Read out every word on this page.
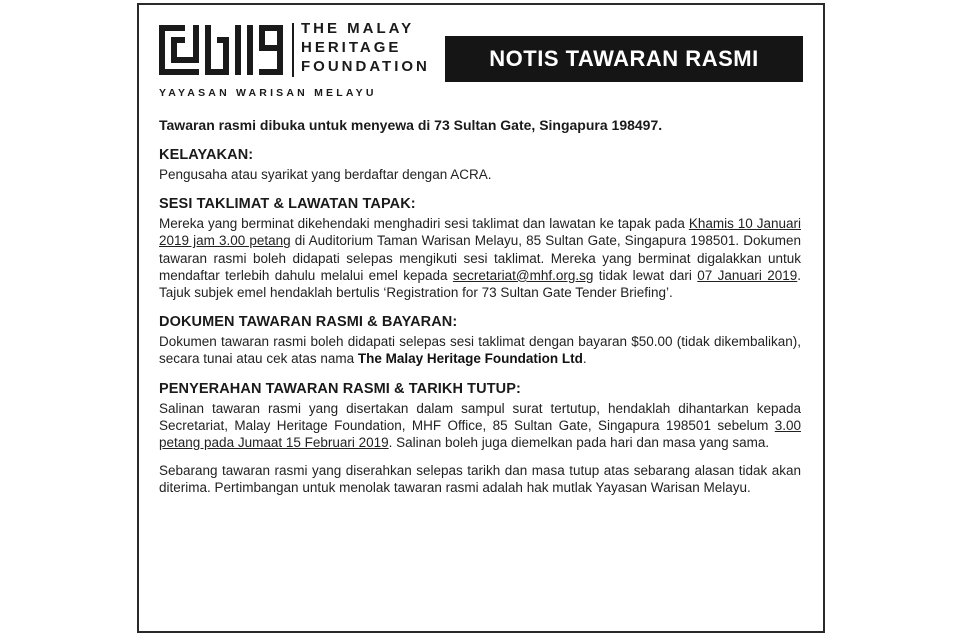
THE MALAY
HERITAGE
FOUNDATION
YAYASAN WARISAN MELAYU
NOTIS TAWARAN RASMI
Tawaran rasmi dibuka untuk menyewa di 73 Sultan Gate, Singapura 198497.
KELAYAKAN:

Pengusaha atau syarikat yang berdaftar dengan ACRA.

SESI TAKLIMAT & LAWATAN TAPAK:

Mereka yang berminat dikehendaki menghadiri sesi taklimat dan lawatan ke tapak pada Khamis 10 Januari 2019 jam 3.00 petang di Auditorium Taman Warisan Melayu, 85 Sultan Gate, Singapura 198501. Dokumen tawaran rasmi boleh didapati selepas mengikuti sesi taklimat. Mereka yang berminat digalakkan untuk mendaftar terlebih dahulu melalui emel kepada secretariat@mhf.org.sg tidak lewat dari 07 Januari 2019. Tajuk subjek emel hendaklah bertulis ‘Registration for 73 Sultan Gate Tender Briefing’.

DOKUMEN TAWARAN RASMI & BAYARAN:

Dokumen tawaran rasmi boleh didapati selepas sesi taklimat dengan bayaran $50.00 (tidak dikembalikan), secara tunai atau cek atas nama The Malay Heritage Foundation Ltd.

PENYERAHAN TAWARAN RASMI & TARIKH TUTUP:

Salinan tawaran rasmi yang disertakan dalam sampul surat tertutup, hendaklah dihantarkan kepada Secretariat, Malay Heritage Foundation, MHF Office, 85 Sultan Gate, Singapura 198501 sebelum 3.00 petang pada Jumaat 15 Februari 2019. Salinan boleh juga diemelkan pada hari dan masa yang sama.

Sebarang tawaran rasmi yang diserahkan selepas tarikh dan masa tutup atas sebarang alasan tidak akan diterima. Pertimbangan untuk menolak tawaran rasmi adalah hak mutlak Yayasan Warisan Melayu.
